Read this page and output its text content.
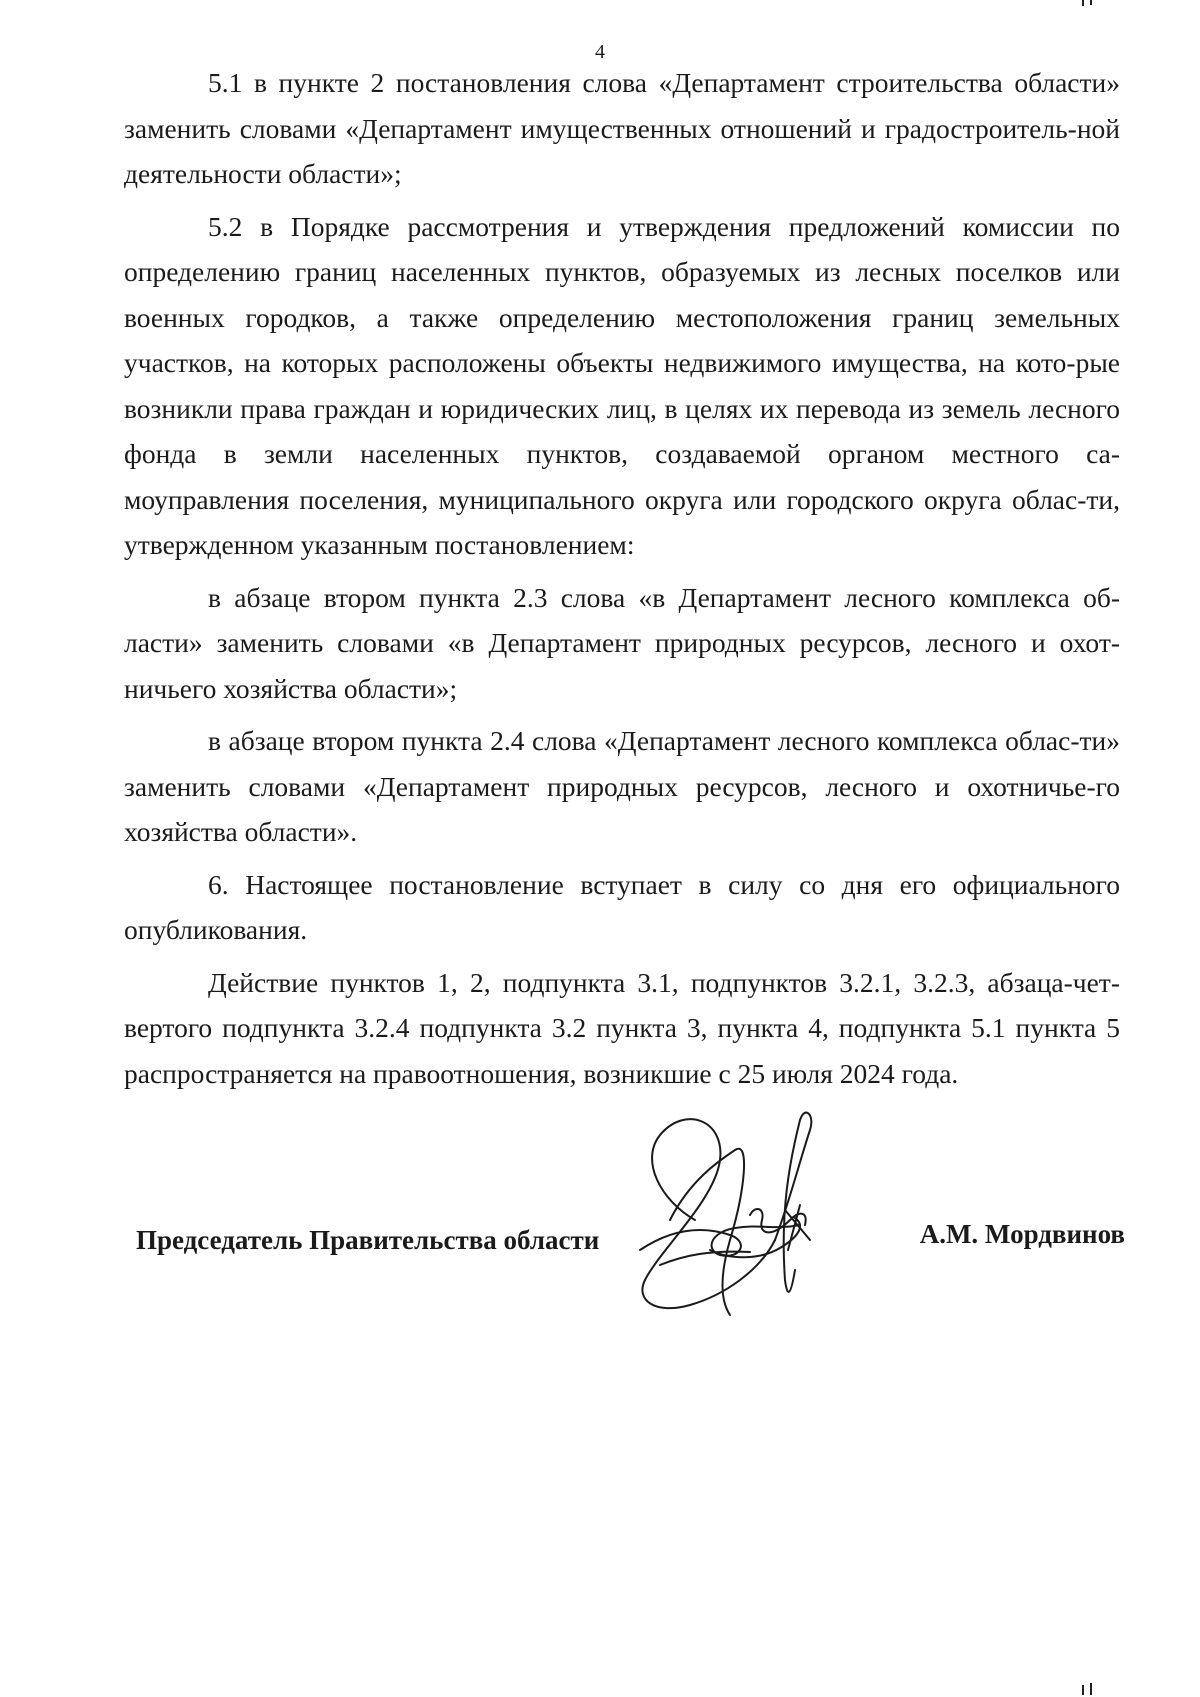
4

5.1 в пункте 2 постановления слова «Департамент строительства области» заменить словами «Департамент имущественных отношений и градостроитель-ной деятельности области»;

5.2 в Порядке рассмотрения и утверждения предложений комиссии по определению границ населенных пунктов, образуемых из лесных поселков или военных городков, а также определению местоположения границ земельных участков, на которых расположены объекты недвижимого имущества, на кото-рые возникли права граждан и юридических лиц, в целях их перевода из земель лесного фонда в земли населенных пунктов, создаваемой органом местного са-моуправления поселения, муниципального округа или городского округа облас-ти, утвержденном указанным постановлением:

в абзаце втором пункта 2.3 слова «в Департамент лесного комплекса об-ласти» заменить словами «в Департамент природных ресурсов, лесного и охот-ничьего хозяйства области»;

в абзаце втором пункта 2.4 слова «Департамент лесного комплекса облас-ти» заменить словами «Департамент природных ресурсов, лесного и охотничье-го хозяйства области».

6. Настоящее постановление вступает в силу со дня его официального опубликования.

Действие пунктов 1, 2, подпункта 3.1, подпунктов 3.2.1, 3.2.3, абзаца-чет-вертого подпункта 3.2.4 подпункта 3.2 пункта 3, пункта 4, подпункта 5.1 пункта 5 распространяется на правоотношения, возникшие с 25 июля 2024 года.

Председатель Правительства области	А.М. Мордвинов
